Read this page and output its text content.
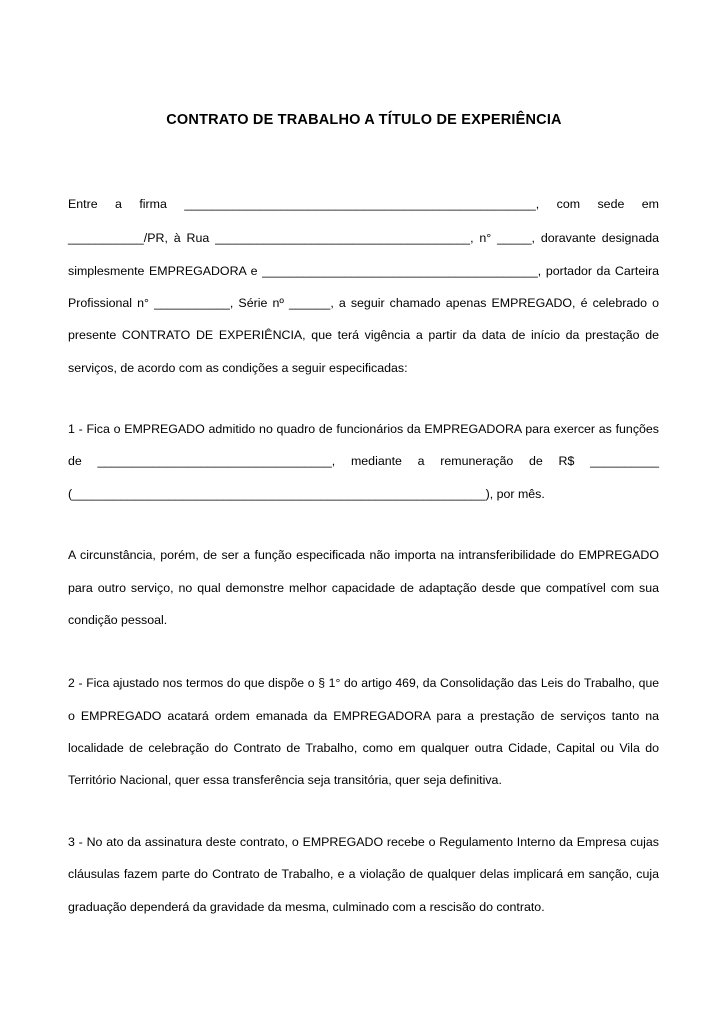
CONTRATO DE TRABALHO A TÍTULO DE EXPERIÊNCIA
Entre a firma ___________________________________________________, com sede em
___________/PR, à Rua _____________________________________, n° _____, doravante designada
simplesmente EMPREGADORA e ________________________________________, portador da Carteira
Profissional n° ___________, Série nº ______, a seguir chamado apenas EMPREGADO, é celebrado o
presente CONTRATO DE EXPERIÊNCIA, que terá vigência a partir da data de início da prestação de
serviços, de acordo com as condições a seguir especificadas:
1 - Fica o EMPREGADO admitido no quadro de funcionários da EMPREGADORA para exercer as funções
de __________________________________, mediante a remuneração de R$ __________
(____________________________________________________________), por mês.
A circunstância, porém, de ser a função especificada não importa na intransferibilidade do EMPREGADO
para outro serviço, no qual demonstre melhor capacidade de adaptação desde que compatível com sua
condição pessoal.
2 - Fica ajustado nos termos do que dispõe o § 1° do artigo 469, da Consolidação das Leis do Trabalho, que
o EMPREGADO acatará ordem emanada da EMPREGADORA para a prestação de serviços tanto na
localidade de celebração do Contrato de Trabalho, como em qualquer outra Cidade, Capital ou Vila do
Território Nacional, quer essa transferência seja transitória, quer seja definitiva.
3 - No ato da assinatura deste contrato, o EMPREGADO recebe o Regulamento Interno da Empresa cujas
cláusulas fazem parte do Contrato de Trabalho, e a violação de qualquer delas implicará em sanção, cuja
graduação dependerá da gravidade da mesma, culminado com a rescisão do contrato.
